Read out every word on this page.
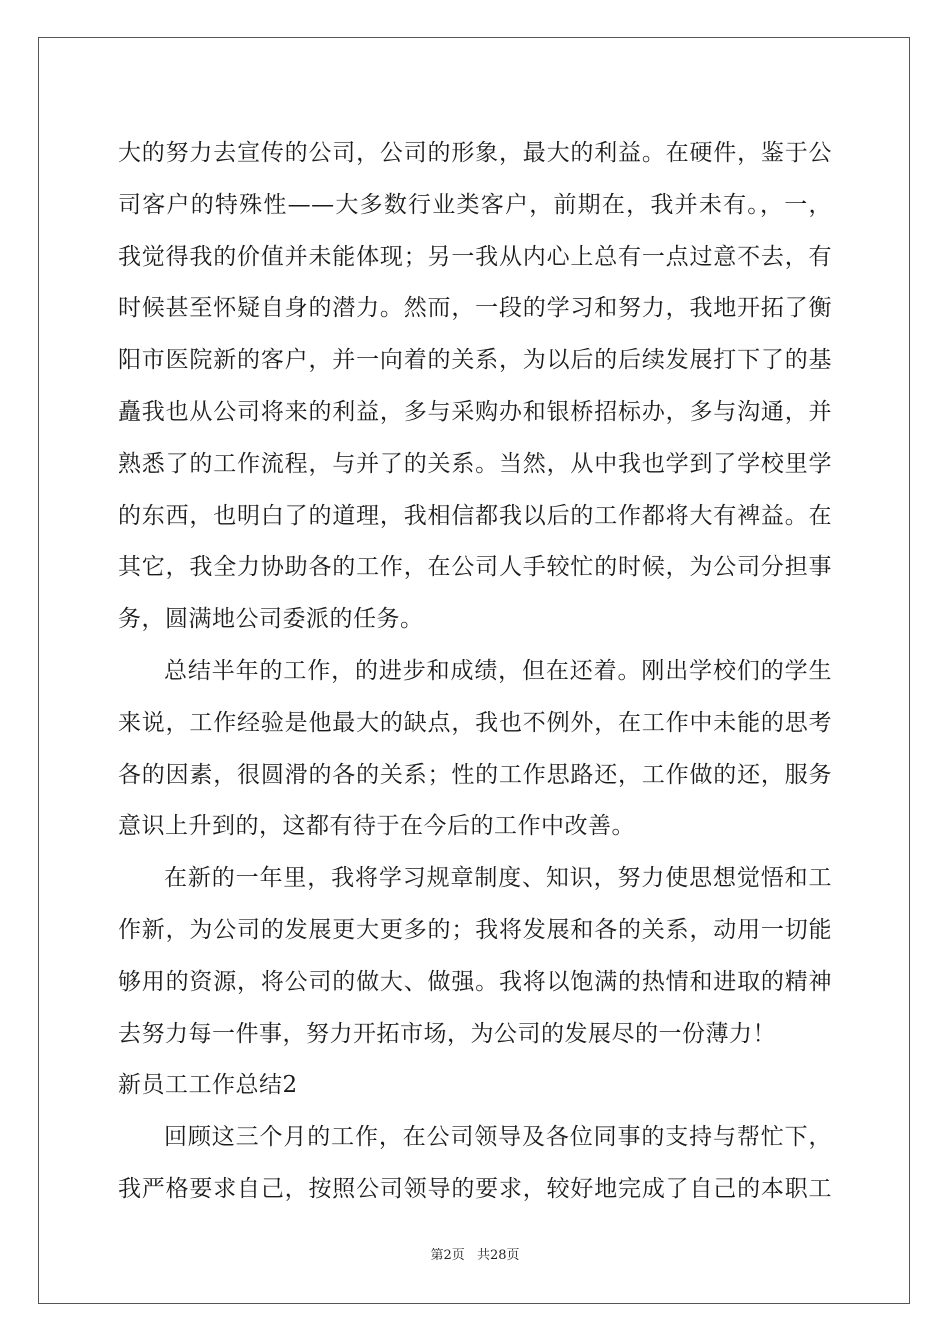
大的努力去宣传的公司，公司的形象，最大的利益。在硬件，鉴于公
司客户的特殊性——大多数行业类客户，前期在，我并未有。，一，
我觉得我的价值并未能体现；另一我从内心上总有一点过意不去，有
时候甚至怀疑自身的潜力。然而，一段的学习和努力，我地开拓了衡
阳市医院新的客户，并一向着的关系，为以后的后续发展打下了的基
矗我也从公司将来的利益，多与采购办和银桥招标办，多与沟通，并
熟悉了的工作流程，与并了的关系。当然，从中我也学到了学校里学
的东西，也明白了的道理，我相信都我以后的工作都将大有裨益。在
其它，我全力协助各的工作，在公司人手较忙的时候，为公司分担事
务，圆满地公司委派的任务。
总结半年的工作，的进步和成绩，但在还着。刚出学校们的学生
来说，工作经验是他最大的缺点，我也不例外，在工作中未能的思考
各的因素，很圆滑的各的关系；性的工作思路还，工作做的还，服务
意识上升到的，这都有待于在今后的工作中改善。
在新的一年里，我将学习规章制度、知识，努力使思想觉悟和工
作新，为公司的发展更大更多的；我将发展和各的关系，动用一切能
够用的资源，将公司的做大、做强。我将以饱满的热情和进取的精神
去努力每一件事，努力开拓市场，为公司的发展尽的一份薄力！
新员工工作总结2
回顾这三个月的工作，在公司领导及各位同事的支持与帮忙下，
我严格要求自己，按照公司领导的要求，较好地完成了自己的本职工
第2页 共28页
